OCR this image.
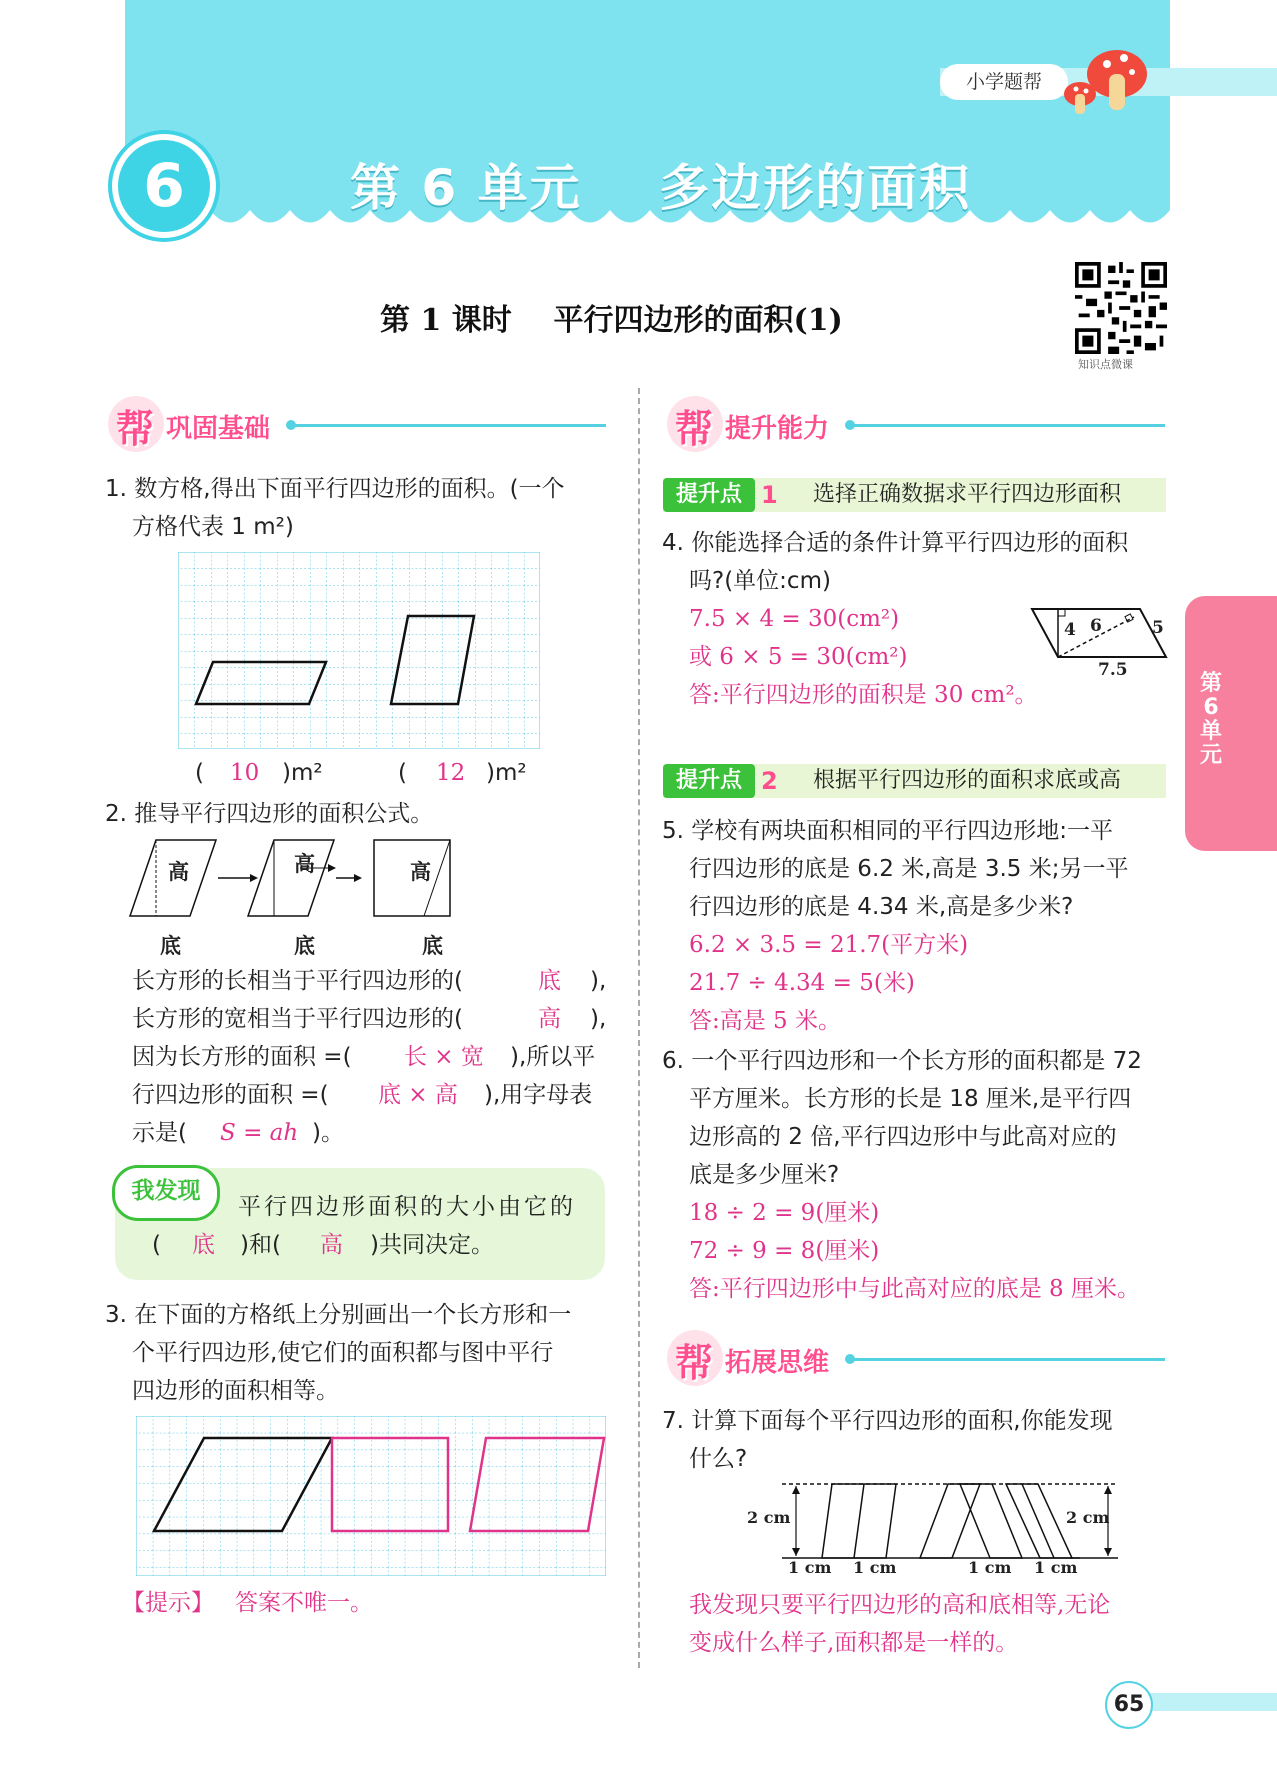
小学题帮
6	第 6 单元    多边形的面积
第 1 课时    平行四边形的面积(1)
知识点微课
第6单元
帮 巩固基础
1. 数方格,得出下面平行四边形的面积。(一个
方格代表 1 m²)
( 10 )m²	( 12 )m²
2. 推导平行四边形的面积公式。
高	高	高
底	底	底
长方形的长相当于平行四边形的(	底 ),
长方形的宽相当于平行四边形的(	高 ),
因为长方形的面积 =( 长 × 宽 ),所以平
行四边形的面积 =( 底 × 高 ),用字母表
示是( S = ah )。
我发现
平行四边形面积的大小由它的
( 底 )和( 高 )共同决定。
3. 在下面的方格纸上分别画出一个长方形和一
个平行四边形,使它们的面积都与图中平行
四边形的面积相等。
【提示】 答案不唯一。
帮 提升能力
提升点 1 选择正确数据求平行四边形面积
4. 你能选择合适的条件计算平行四边形的面积
吗?(单位:cm)
7.5 × 4 = 30(cm²)
或 6 × 5 = 30(cm²)
答:平行四边形的面积是 30 cm²。
4 6	5
7.5
提升点 2 根据平行四边形的面积求底或高
5. 学校有两块面积相同的平行四边形地:一平
行四边形的底是 6.2 米,高是 3.5 米;另一平
行四边形的底是 4.34 米,高是多少米?
6.2 × 3.5 = 21.7(平方米)
21.7 ÷ 4.34 = 5(米)
答:高是 5 米。
6. 一个平行四边形和一个长方形的面积都是 72
平方厘米。长方形的长是 18 厘米,是平行四
边形高的 2 倍,平行四边形中与此高对应的
底是多少厘米?
18 ÷ 2 = 9(厘米)
72 ÷ 9 = 8(厘米)
答:平行四边形中与此高对应的底是 8 厘米。
帮 拓展思维
7. 计算下面每个平行四边形的面积,你能发现
什么?
2 cm	2 cm
1 cm 1 cm	1 cm 1 cm
我发现只要平行四边形的高和底相等,无论
变成什么样子,面积都是一样的。
65
